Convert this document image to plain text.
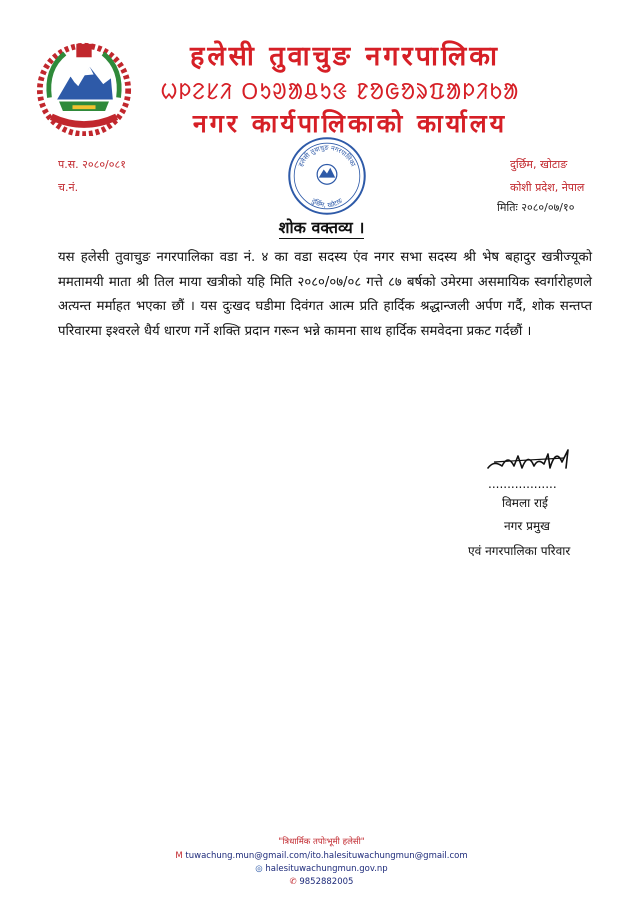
हलेसी तुवाचुङ नगरपालिका
ᱦᱞᱮᱥᱤ ᱛᱩᱣᱟᱪᱩᱝ ᱱᱚᱜᱚᱨᱯᱟᱞᱤᱠᱟ
नगर कार्यपालिकाको कार्यालय
प.स. २०८०/०८१
च.नं.
हलेसी तुवाचुङ नगरपालिका
दुर्छिम, खोटाङ
दुर्छिम, खोटाङ
कोशी प्रदेश, नेपाल
मितिः २०८०/०७/१०
शोक वक्तव्य ।
यस हलेसी तुवाचुङ नगरपालिका वडा नं. ४ का वडा सदस्य एंव नगर सभा सदस्य श्री भेष बहादुर खत्रीज्यूको ममतामयी माता श्री तिल माया खत्रीको यहि मिति २०८०/०७/०८ गत्ते ८७ बर्षको उमेरमा असमायिक स्वर्गारोहणले अत्यन्त मर्माहत भएका छौं । यस दुःखद घडीमा दिवंगत आत्म प्रति हार्दिक श्रद्धान्जली अर्पण गर्दै, शोक सन्तप्त परिवारमा इश्वरले धैर्य धारण गर्ने शक्ति प्रदान गरून भन्ने कामना साथ हार्दिक समवेदना प्रकट गर्दछौं ।
..................
विमला राई
नगर प्रमुख
एवं नगरपालिका परिवार
"त्रिधार्मिक तपोःभूमी हलेसी"
M tuwachung.mun@gmail.com/ito.halesituwachungmun@gmail.com
◎ halesituwachungmun.gov.np
✆ 9852882005
